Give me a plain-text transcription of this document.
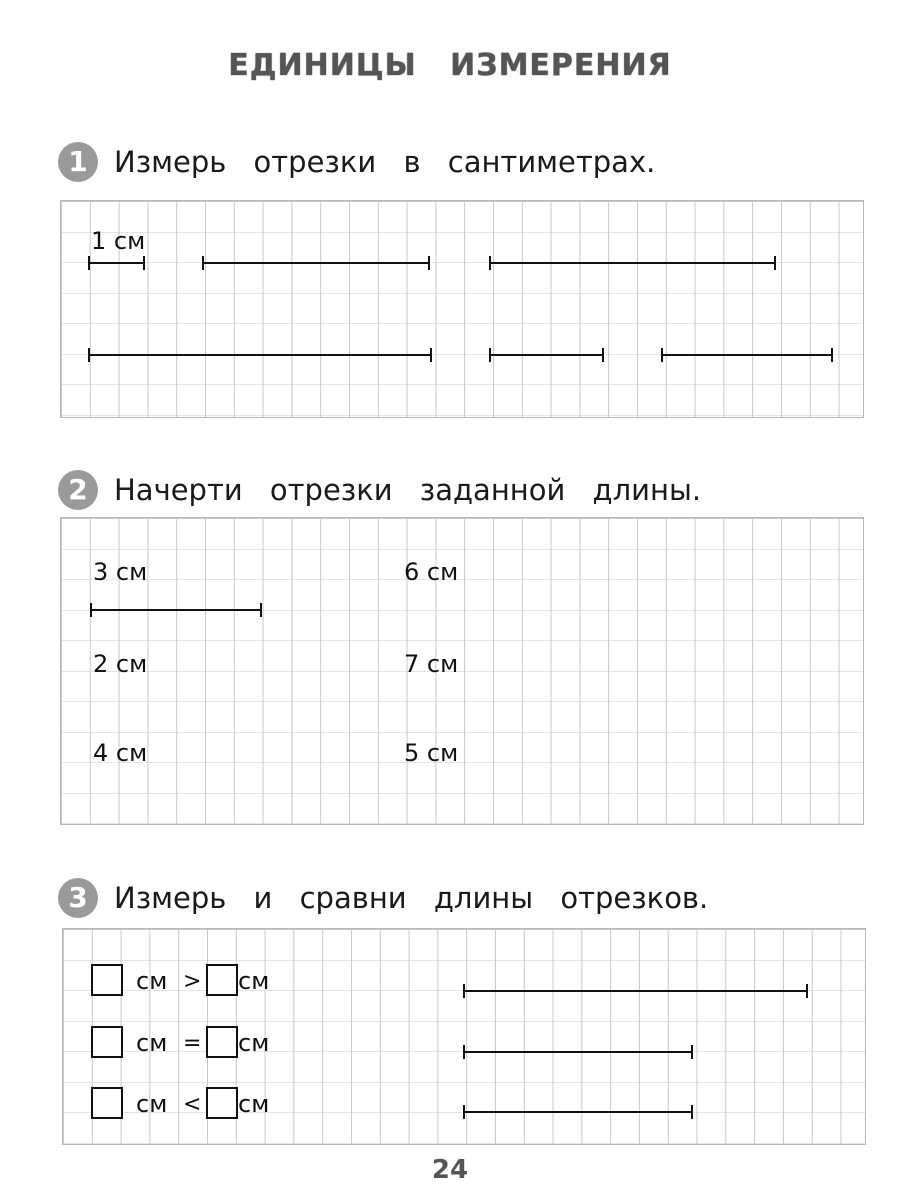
ЕДИНИЦЫ ИЗМЕРЕНИЯ
1 Измерь отрезки в сантиметрах.
1 см
2 Начерти отрезки заданной длины.
3 см	6 см
2 см	7 см
4 см	5 см
3 Измерь и сравни длины отрезков.
см > см
см = см
см < см
24
